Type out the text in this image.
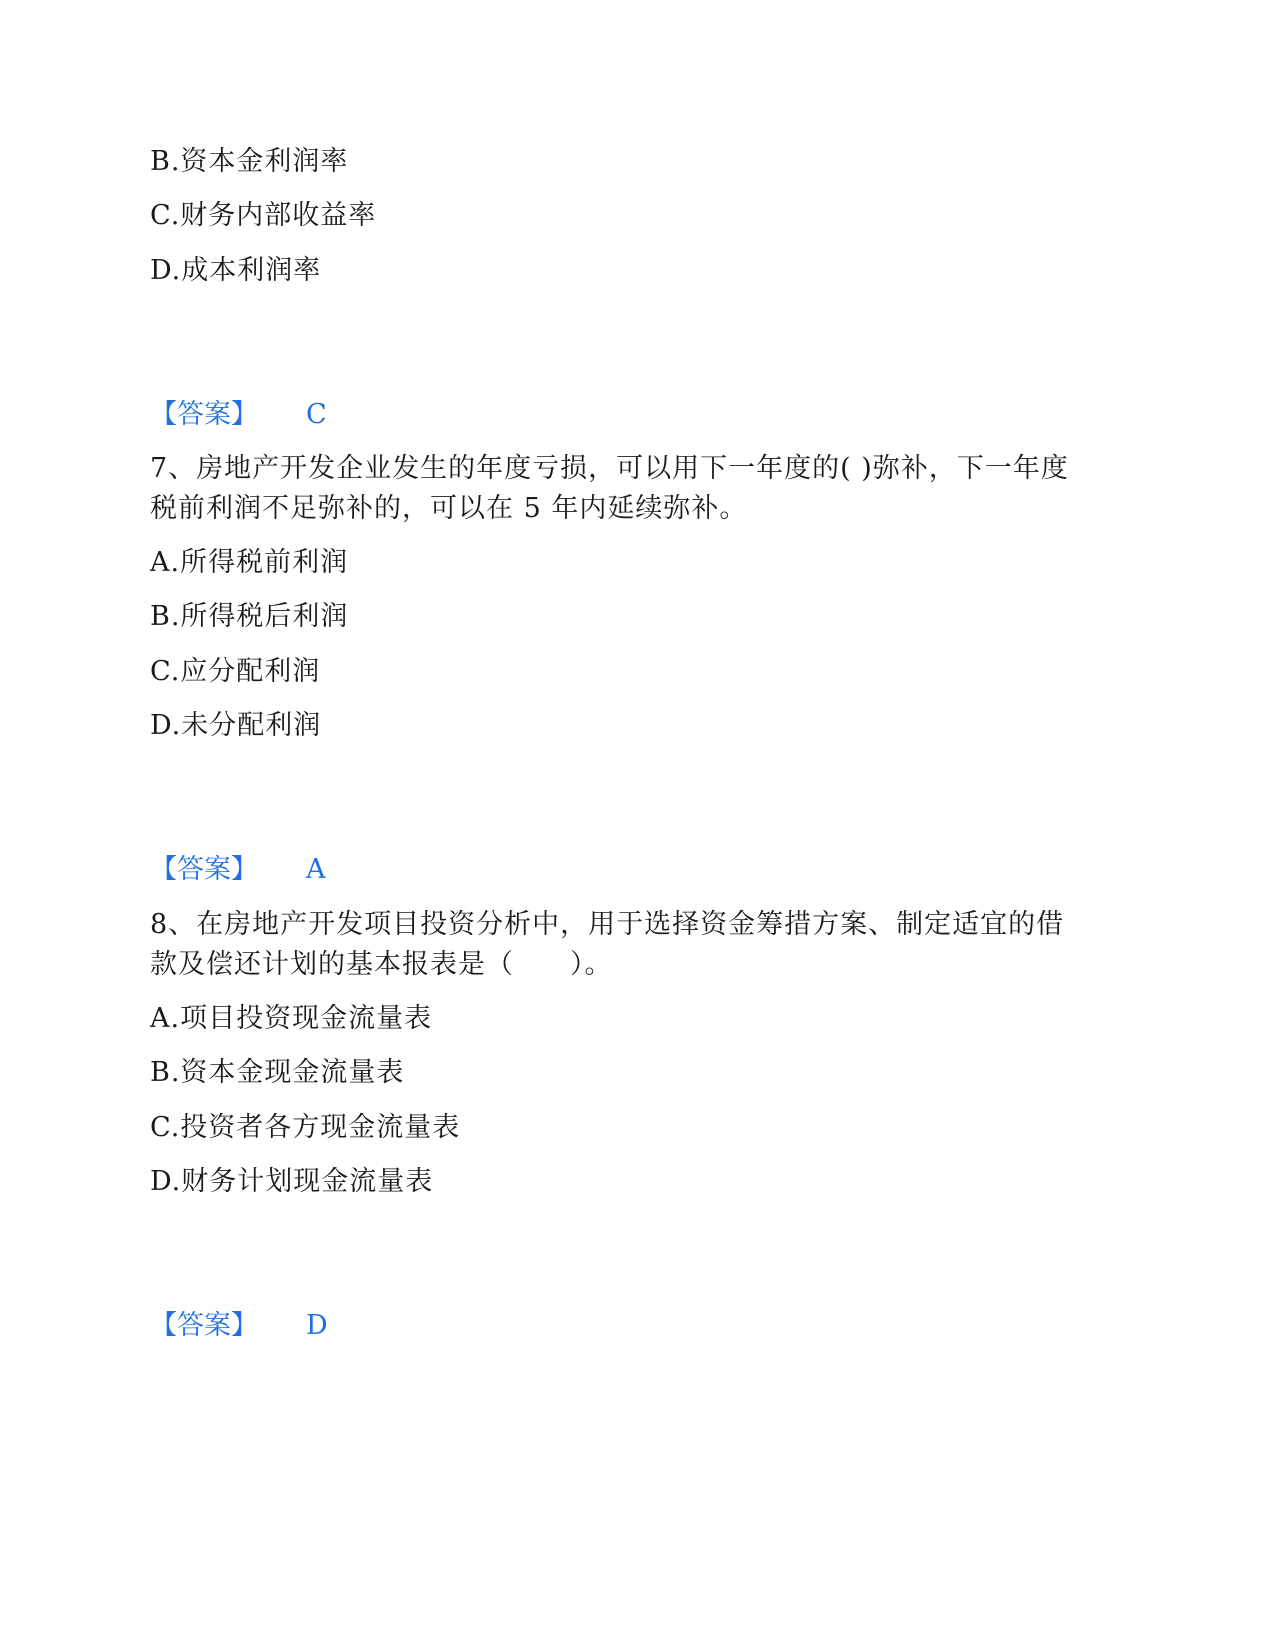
B.资本金利润率
C.财务内部收益率
D.成本利润率
【答案】 C
7、房地产开发企业发生的年度亏损，可以用下一年度的( )弥补，下一年度
税前利润不足弥补的，可以在 5 年内延续弥补。
A.所得税前利润
B.所得税后利润
C.应分配利润
D.未分配利润
【答案】 A
8、在房地产开发项目投资分析中，用于选择资金筹措方案、制定适宜的借
款及偿还计划的基本报表是（　　）。
A.项目投资现金流量表
B.资本金现金流量表
C.投资者各方现金流量表
D.财务计划现金流量表
【答案】 D
